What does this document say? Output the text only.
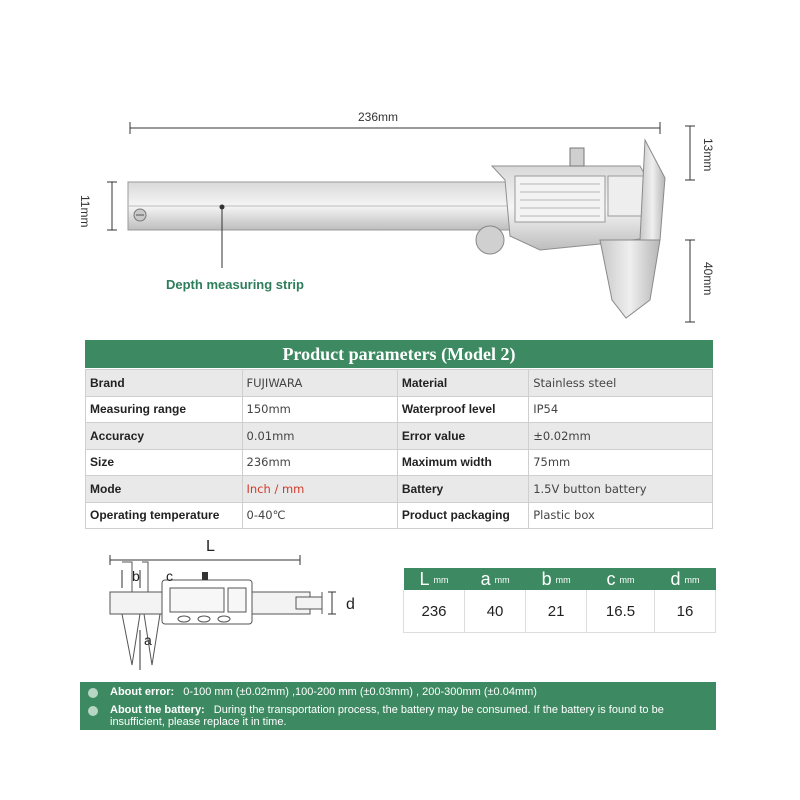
236mm
11mm
13mm
40mm
Depth measuring strip
Product parameters (Model 2)
Brand	FUJIWARA	Material	Stainless steel
Measuring range	150mm	Waterproof level	IP54
Accuracy	0.01mm	Error value	±0.02mm
Size	236mm	Maximum width	75mm
Mode	Inch / mm	Battery	1.5V button battery
Operating temperature	0-40℃	Product packaging	Plastic box
L
b c
d
a
L mm	a mm	b mm	c mm	d mm
236	40	21	16.5	16
About error: 0-100 mm (±0.02mm) ,100-200 mm (±0.03mm) , 200-300mm (±0.04mm)
About the battery: During the transportation process, the battery may be consumed. If the battery is found to be insufficient, please replace it in time.
